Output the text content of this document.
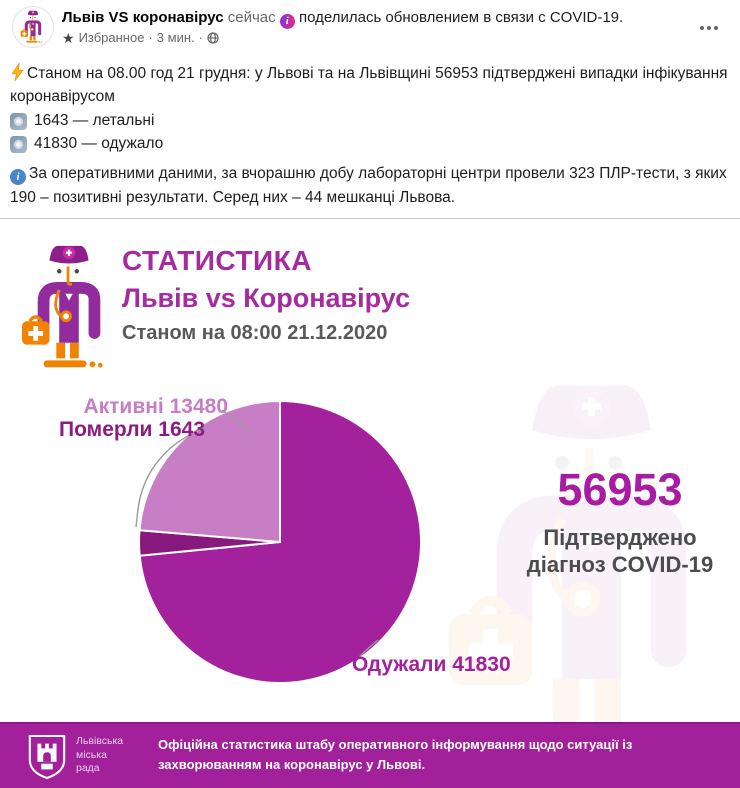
Львів VS коронавірус сейчас i поделилась обновлением в связи с COVID-19.
★ Избранное · 3 мин. ·
Станом на 08.00 год 21 грудня: у Львові та на Львівщині 56953 підтверджені випадки інфікування коронавірусом
1643 — летальні
41830 — одужало
i За оперативними даними, за вчорашню добу лабораторні центри провели 323 ПЛР-тести, з яких 190 – позитивні результати. Серед них – 44 мешканці Львова.
СТАТИСТИКА
Львів vs Коронавірус
Станом на 08:00 21.12.2020
Активні 13480
Померли 1643
Одужали 41830
56953
Підтверджено
діагноз COVID-19
Львівська
міська
рада
Офіційна статистика штабу оперативного інформування щодо ситуації із захворюванням на коронавірус у Львові.
